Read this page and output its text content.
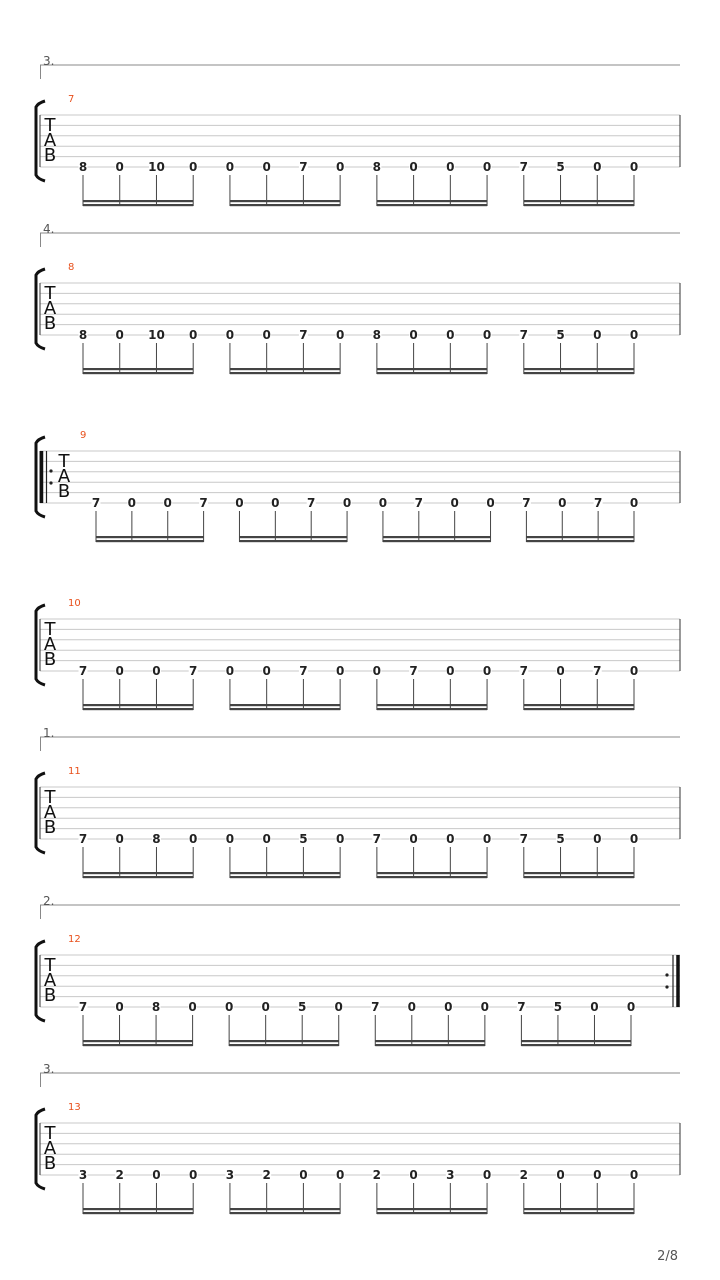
3.
T
A
B
7
8 0 10 0 0 0 7 0 8 0 0 0 7 5 0 0
4.
T
A
B
8
8 0 10 0 0 0 7 0 8 0 0 0 7 5 0 0
T
A
B
9
7 0 0 7 0 0 7 0 0 7 0 0 7 0 7 0
T
A
B
10
7 0 0 7 0 0 7 0 0 7 0 0 7 0 7 0
1.
T
A
B
11
7 0 8 0 0 0 5 0 7 0 0 0 7 5 0 0
2.
T
A
B
12
7 0 8 0 0 0 5 0 7 0 0 0 7 5 0 0
3.
T
A
B
13
3 2 0 0 3 2 0 0 2 0 3 0 2 0 0 0
2/8
